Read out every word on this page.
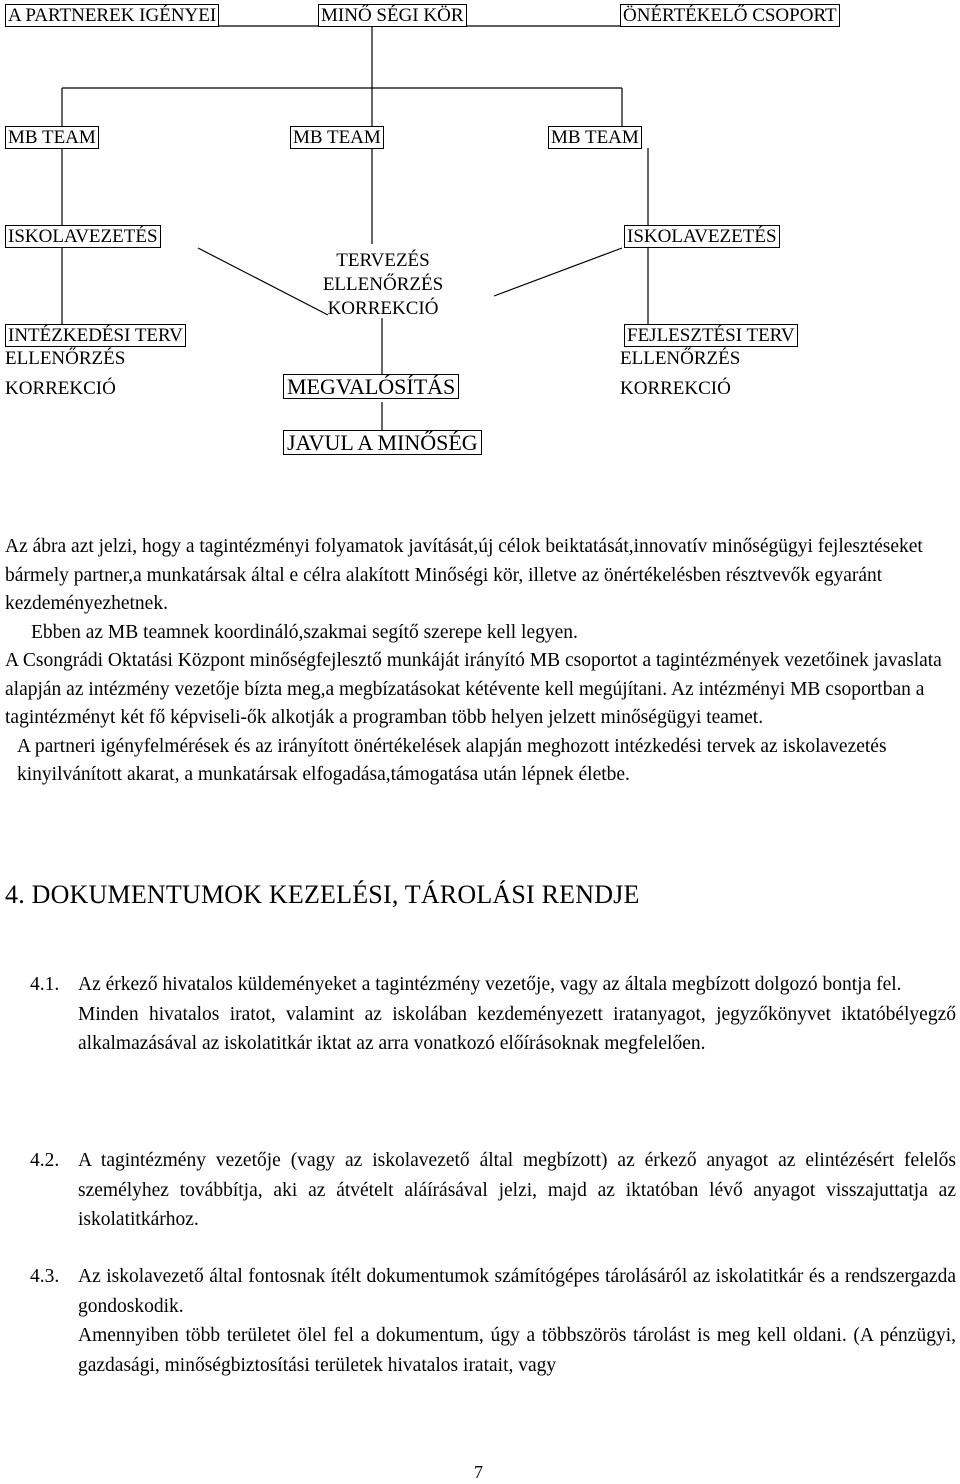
A PARTNEREK IGÉNYEI	MINŐ SÉGI KÖR	ÖNÉRTÉKELŐ CSOPORT
MB TEAM	MB TEAM	MB TEAM
ISKOLAVEZETÉS
INTÉZKEDÉSI TERV
ELLENŐRZÉS
KORREKCIÓ
TERVEZÉS
ELLENŐRZÉS
KORREKCIÓ
MEGVALÓSÍTÁS
JAVUL A MINŐSÉG
ISKOLAVEZETÉS
FEJLESZTÉSI TERV
ELLENŐRZÉS
KORREKCIÓ

Az ábra azt jelzi, hogy a tagintézményi folyamatok javítását,új célok beiktatását,innovatív minőségügyi fejlesztéseket bármely partner,a munkatársak által e célra alakított Minőségi kör, illetve az önértékelésben résztvevők egyaránt kezdeményezhetnek.

Ebben az MB teamnek koordináló,szakmai segítő szerepe kell legyen.

A Csongrádi Oktatási Központ minőségfejlesztő munkáját irányító MB csoportot a tagintézmények vezetőinek javaslata alapján az intézmény vezetője bízta meg,a megbízatásokat kétévente kell megújítani. Az intézményi MB csoportban a tagintézményt két fő képviseli-ők alkotják a programban több helyen jelzett minőségügyi teamet.

A partneri igényfelmérések és az irányított önértékelések alapján meghozott intézkedési tervek az iskolavezetés kinyilvánított akarat, a munkatársak elfogadása,támogatása után lépnek életbe.

4. DOKUMENTUMOK KEZELÉSI, TÁROLÁSI RENDJE
4.1. Az érkező hivatalos küldeményeket a tagintézmény vezetője, vagy az általa megbízott dolgozó bontja fel.

Minden hivatalos iratot, valamint az iskolában kezdeményezett iratanyagot, jegyzőkönyvet iktatóbélyegző alkalmazásával az iskolatitkár iktat az arra vonatkozó előírásoknak megfelelően.

4.2. A tagintézmény vezetője (vagy az iskolavezető által megbízott) az érkező anyagot az elintézésért felelős személyhez továbbítja, aki az átvételt aláírásával jelzi, majd az iktatóban lévő anyagot visszajuttatja az iskolatitkárhoz.

4.3. Az iskolavezető által fontosnak ítélt dokumentumok számítógépes tárolásáról az iskolatitkár és a rendszergazda gondoskodik.

Amennyiben több területet ölel fel a dokumentum, úgy a többszörös tárolást is meg kell oldani. (A pénzügyi, gazdasági, minőségbiztosítási területek hivatalos iratait, vagy

7
